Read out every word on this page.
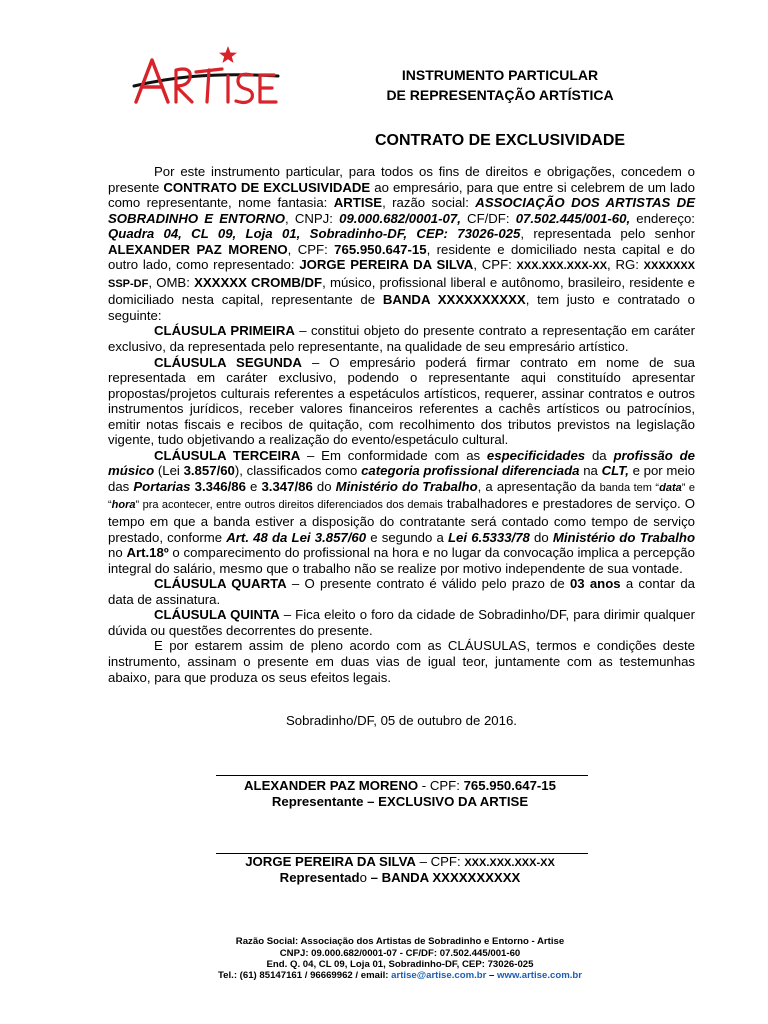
INSTRUMENTO PARTICULAR
DE REPRESENTAÇÃO ARTÍSTICA
CONTRATO DE EXCLUSIVIDADE

Por este instrumento particular, para todos os fins de direitos e obrigações, concedem o presente CONTRATO DE EXCLUSIVIDADE ao empresário, para que entre si celebrem de um lado como representante, nome fantasia: ARTISE, razão social: ASSOCIAÇÃO DOS ARTISTAS DE SOBRADINHO E ENTORNO, CNPJ: 09.000.682/0001-07, CF/DF: 07.502.445/001-60, endereço: Quadra 04, CL 09, Loja 01, Sobradinho-DF, CEP: 73026-025, representada pelo senhor ALEXANDER PAZ MORENO, CPF: 765.950.647-15, residente e domiciliado nesta capital e do outro lado, como representado: JORGE PEREIRA DA SILVA, CPF: XXX.XXX.XXX-XX, RG: XXXXXXX SSP-DF, OMB: XXXXXX CROMB/DF, músico, profissional liberal e autônomo, brasileiro, residente e domiciliado nesta capital, representante de BANDA XXXXXXXXXX, tem justo e contratado o seguinte:

CLÁUSULA PRIMEIRA – constitui objeto do presente contrato a representação em caráter exclusivo, da representada pelo representante, na qualidade de seu empresário artístico.

CLÁUSULA SEGUNDA – O empresário poderá firmar contrato em nome de sua representada em caráter exclusivo, podendo o representante aqui constituído apresentar propostas/projetos culturais referentes a espetáculos artísticos, requerer, assinar contratos e outros instrumentos jurídicos, receber valores financeiros referentes a cachês artísticos ou patrocínios, emitir notas fiscais e recibos de quitação, com recolhimento dos tributos previstos na legislação vigente, tudo objetivando a realização do evento/espetáculo cultural.

CLÁUSULA TERCEIRA – Em conformidade com as especificidades da profissão de músico (Lei 3.857/60), classificados como categoria profissional diferenciada na CLT, e por meio das Portarias 3.346/86 e 3.347/86 do Ministério do Trabalho, a apresentação da banda tem “data” e “hora” pra acontecer, entre outros direitos diferenciados dos demais trabalhadores e prestadores de serviço. O tempo em que a banda estiver a disposição do contratante será contado como tempo de serviço prestado, conforme Art. 48 da Lei 3.857/60 e segundo a Lei 6.5333/78 do Ministério do Trabalho no Art.18º o comparecimento do profissional na hora e no lugar da convocação implica a percepção integral do salário, mesmo que o trabalho não se realize por motivo independente de sua vontade.

CLÁUSULA QUARTA – O presente contrato é válido pelo prazo de 03 anos a contar da data de assinatura.

CLÁUSULA QUINTA – Fica eleito o foro da cidade de Sobradinho/DF, para dirimir qualquer dúvida ou questões decorrentes do presente.

E por estarem assim de pleno acordo com as CLÁUSULAS, termos e condições deste instrumento, assinam o presente em duas vias de igual teor, juntamente com as testemunhas abaixo, para que produza os seus efeitos legais.

Sobradinho/DF, 05 de outubro de 2016.
ALEXANDER PAZ MORENO - CPF: 765.950.647-15
Representante – EXCLUSIVO DA ARTISE
JORGE PEREIRA DA SILVA – CPF: XXX.XXX.XXX-XX
Representado – BANDA XXXXXXXXXX
Razão Social: Associação dos Artistas de Sobradinho e Entorno - Artise
CNPJ: 09.000.682/0001-07 - CF/DF: 07.502.445/001-60
End. Q. 04, CL 09, Loja 01, Sobradinho-DF, CEP: 73026-025
Tel.: (61) 85147161 / 96669962 / email: artise@artise.com.br – www.artise.com.br
